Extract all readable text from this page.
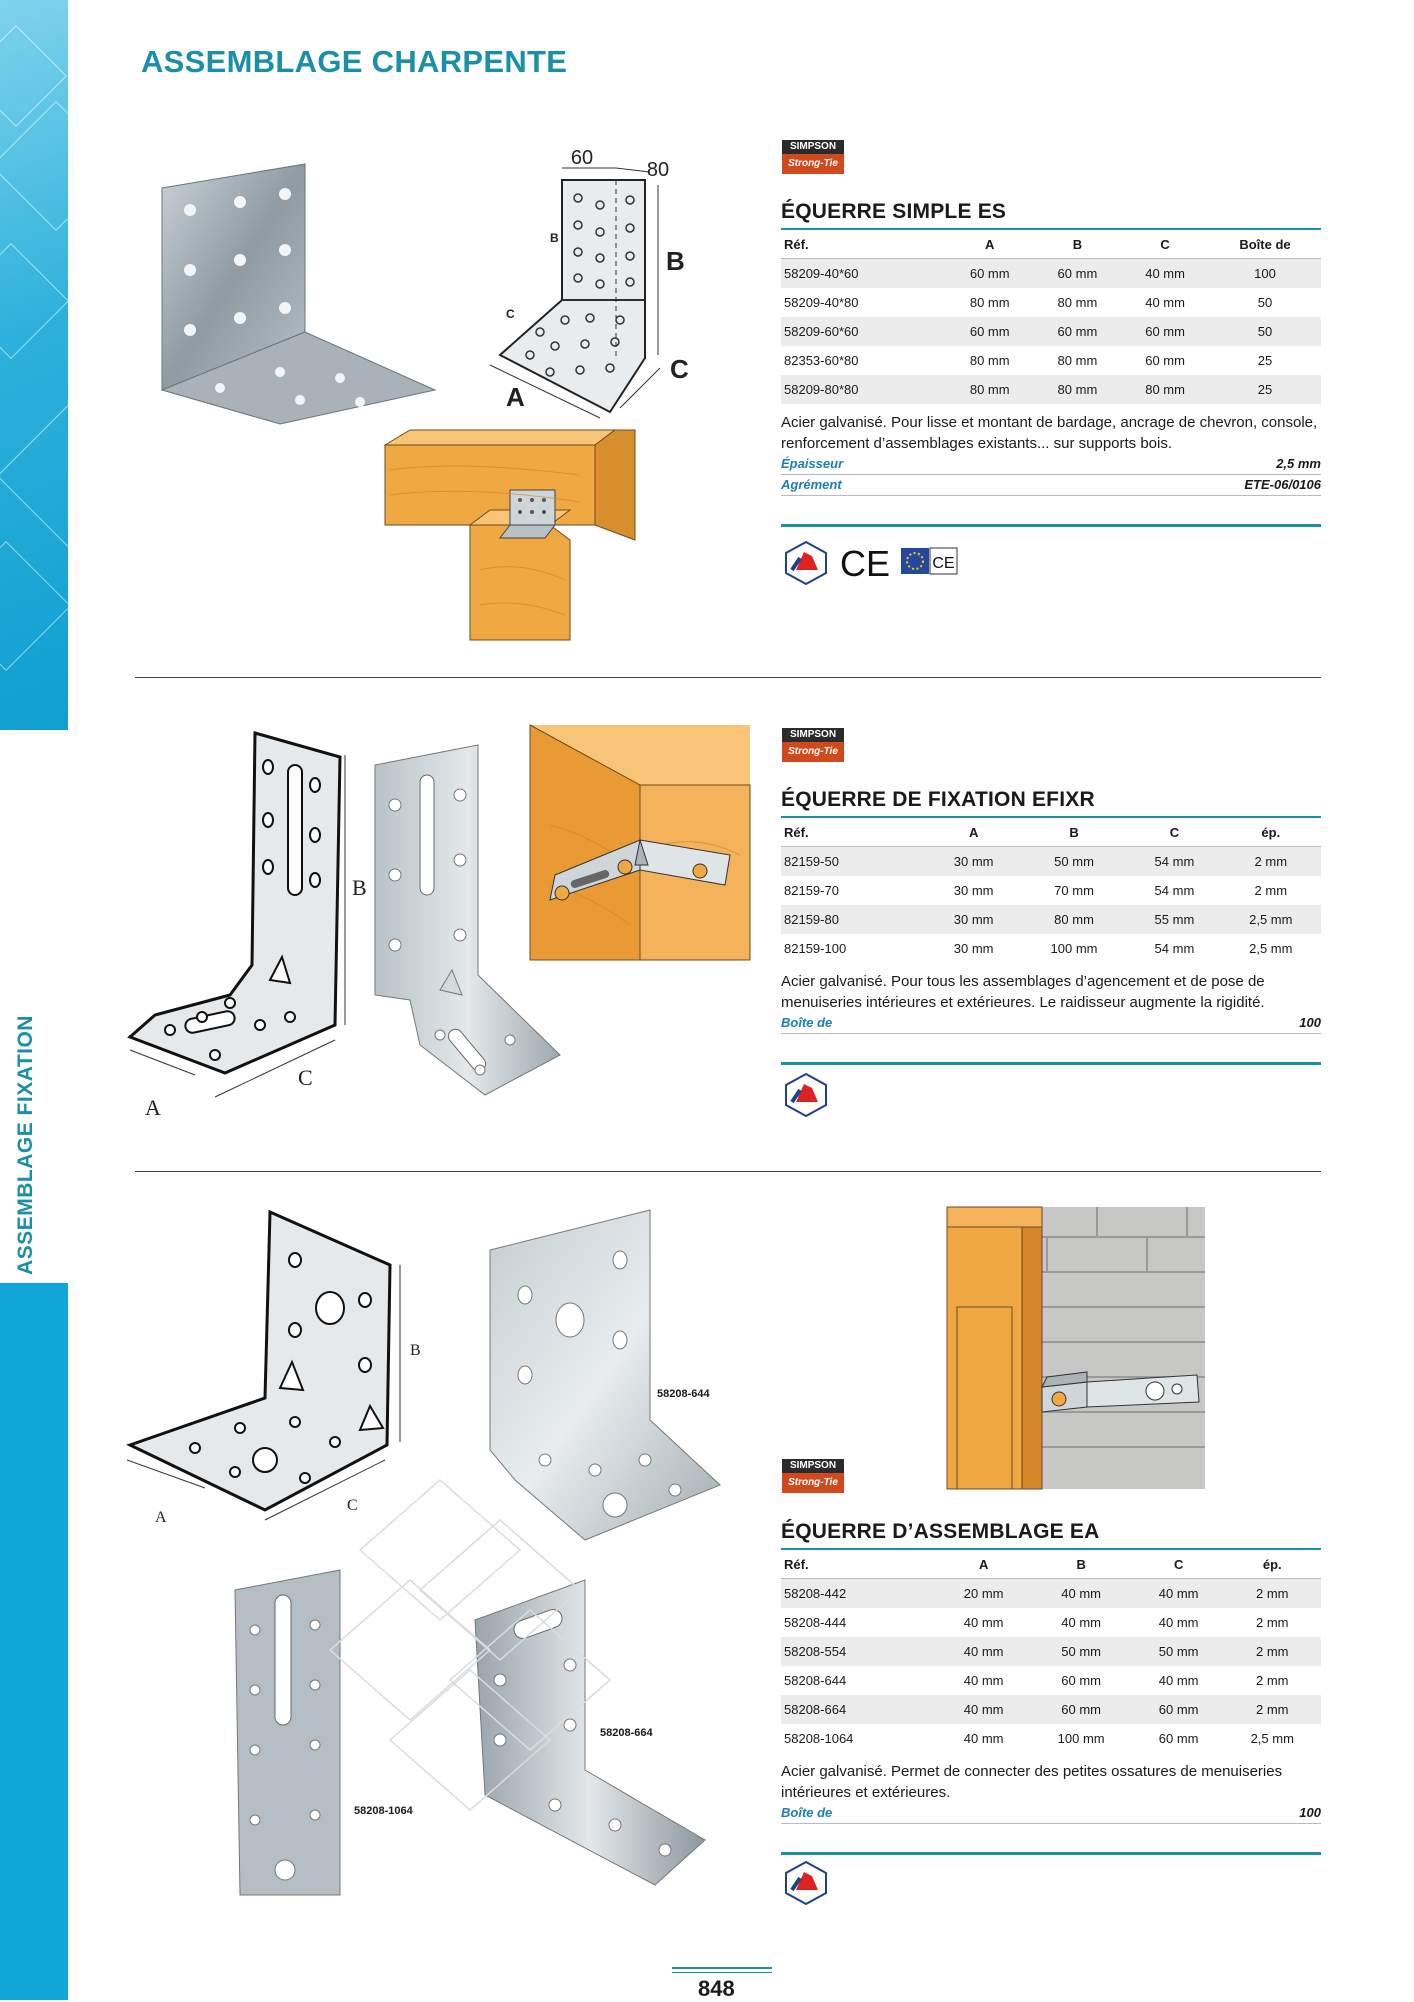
ASSEMBLAGE FIXATION
ASSEMBLAGE CHARPENTE
60
80
B
C
B
C
A
SIMPSON
Strong-Tie
ÉQUERRE SIMPLE ES
Réf.	A	B	C	Boîte de
58209-40*60	60 mm	60 mm	40 mm	100
58209-40*80	80 mm	80 mm	40 mm	50
58209-60*60	60 mm	60 mm	60 mm	50
82353-60*80	80 mm	80 mm	60 mm	25
58209-80*80	80 mm	80 mm	80 mm	25
Acier galvanisé. Pour lisse et montant de bardage, ancrage de chevron, console, renforcement d’assemblages existants... sur supports bois.
Épaisseur	2,5 mm
Agrément	ETE-06/0106
CE	CE
B
C
A
SIMPSON
Strong-Tie
ÉQUERRE DE FIXATION EFIXR
Réf.	A	B	C	ép.
82159-50	30 mm	50 mm	54 mm	2 mm
82159-70	30 mm	70 mm	54 mm	2 mm
82159-80	30 mm	80 mm	55 mm	2,5 mm
82159-100	30 mm	100 mm	54 mm	2,5 mm
Acier galvanisé. Pour tous les assemblages d’agencement et de pose de menuiseries intérieures et extérieures. Le raidisseur augmente la rigidité.
Boîte de	100
B
C
A
58208-644
58208-1064
58208-664
SIMPSON
Strong-Tie
ÉQUERRE D’ASSEMBLAGE EA
Réf.	A	B	C	ép.
58208-442	20 mm	40 mm	40 mm	2 mm
58208-444	40 mm	40 mm	40 mm	2 mm
58208-554	40 mm	50 mm	50 mm	2 mm
58208-644	40 mm	60 mm	40 mm	2 mm
58208-664	40 mm	60 mm	60 mm	2 mm
58208-1064	40 mm	100 mm	60 mm	2,5 mm
Acier galvanisé. Permet de connecter des petites ossatures de menuiseries intérieures et extérieures.
Boîte de	100
848
